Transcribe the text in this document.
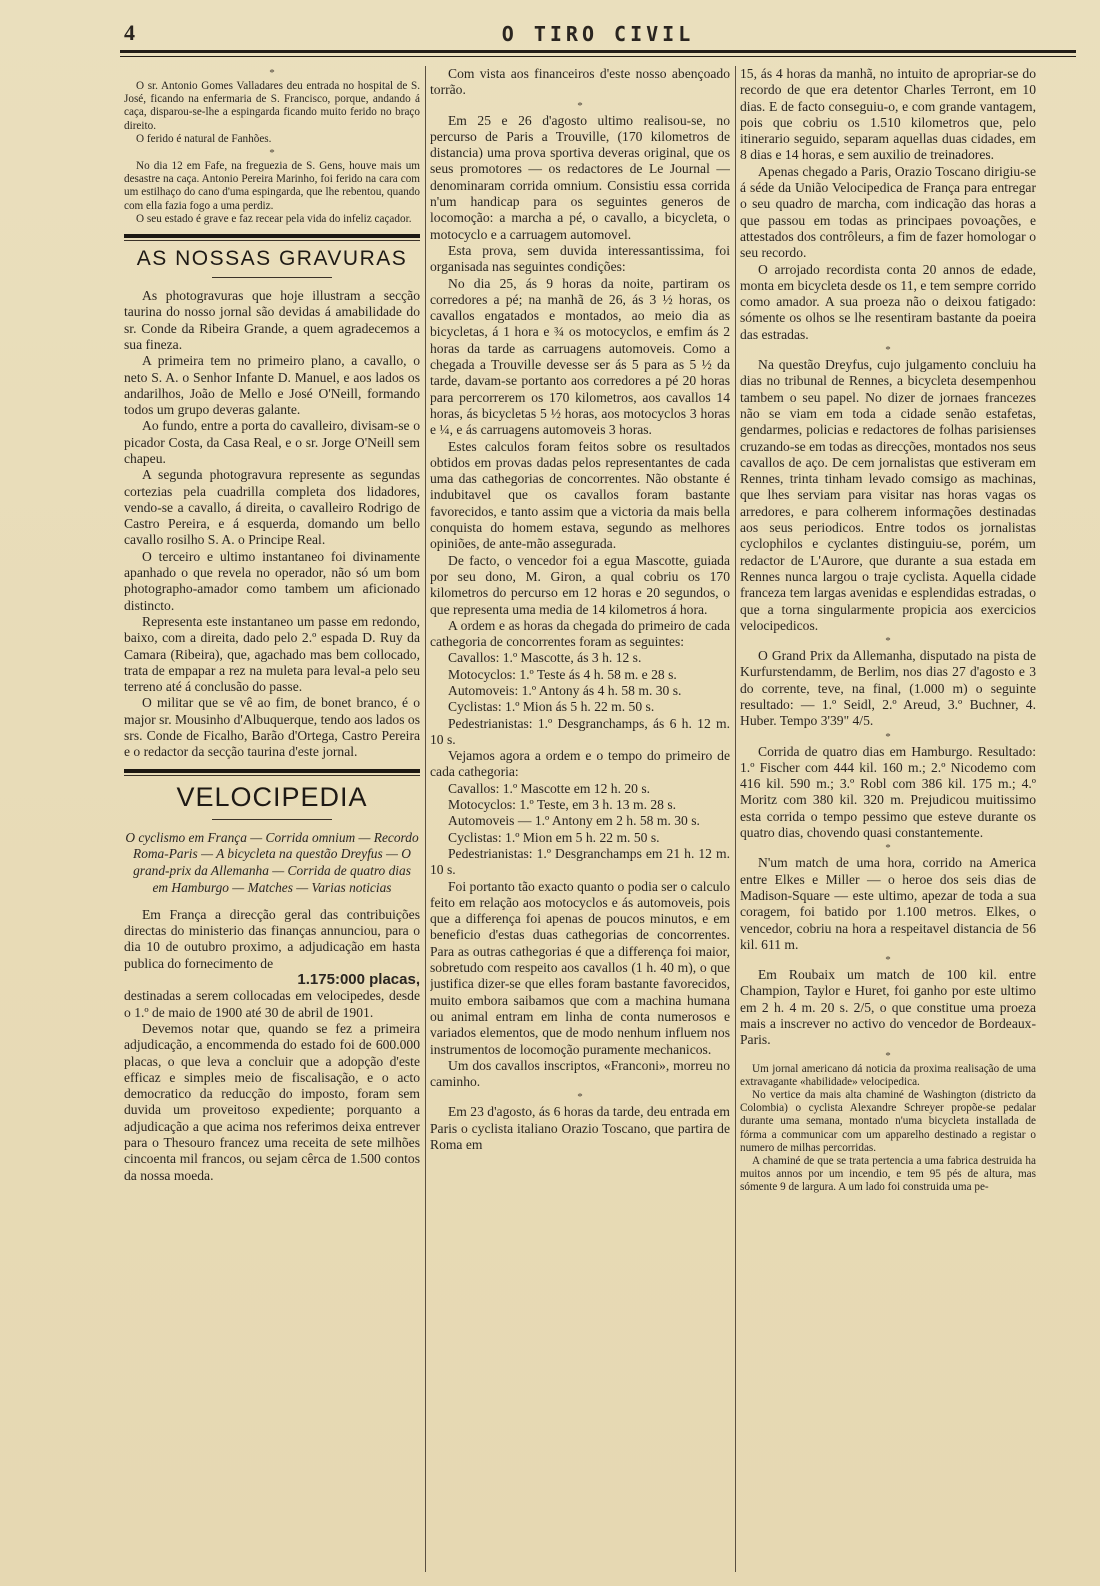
4	O TIRO CIVIL

*

O sr. Antonio Gomes Valladares deu entrada no hospital de S. José, ficando na enfermaria de S. Francisco, porque, andando á caça, disparou-se-lhe a espingarda ficando muito ferido no braço direito.

O ferido é natural de Fanhões.

*

No dia 12 em Fafe, na freguezia de S. Gens, houve mais um desastre na caça. Antonio Pereira Marinho, foi ferido na cara com um estilhaço do cano d'uma espingarda, que lhe rebentou, quando com ella fazia fogo a uma perdiz.

O seu estado é grave e faz recear pela vida do infeliz caçador.

AS NOSSAS GRAVURAS

As photogravuras que hoje illustram a secção taurina do nosso jornal são devidas á amabilidade do sr. Conde da Ribeira Grande, a quem agradecemos a sua fineza.

A primeira tem no primeiro plano, a cavallo, o neto S. A. o Senhor Infante D. Manuel, e aos lados os andarilhos, João de Mello e José O'Neill, formando todos um grupo deveras galante.

Ao fundo, entre a porta do cavalleiro, divisam-se o picador Costa, da Casa Real, e o sr. Jorge O'Neill sem chapeu.

A segunda photogravura represente as segundas cortezias pela cuadrilla completa dos lidadores, vendo-se a cavallo, á direita, o cavalleiro Rodrigo de Castro Pereira, e á esquerda, domando um bello cavallo rosilho S. A. o Principe Real.

O terceiro e ultimo instantaneo foi divinamente apanhado o que revela no operador, não só um bom photographo-amador como tambem um aficionado distincto.

Representa este instantaneo um passe em redondo, baixo, com a direita, dado pelo 2.º espada D. Ruy da Camara (Ribeira), que, agachado mas bem collocado, trata de empapar a rez na muleta para leval-a pelo seu terreno até á conclusão do passe.

O militar que se vê ao fim, de bonet branco, é o major sr. Mousinho d'Albuquerque, tendo aos lados os srs. Conde de Ficalho, Barão d'Ortega, Castro Pereira e o redactor da secção taurina d'este jornal.

VELOCIPEDIA

O cyclismo em França — Corrida omnium — Recordo Roma-Paris — A bicycleta na questão Dreyfus — O grand-prix da Allemanha — Corrida de quatro dias em Hamburgo — Matches — Varias noticias

Em França a direcção geral das contribuições directas do ministerio das finanças annunciou, para o dia 10 de outubro proximo, a adjudicação em hasta publica do fornecimento de

1.175:000 placas,

destinadas a serem collocadas em velocipedes, desde o 1.º de maio de 1900 até 30 de abril de 1901.

Devemos notar que, quando se fez a primeira adjudicação, a encommenda do estado foi de 600.000 placas, o que leva a concluir que a adopção d'este efficaz e simples meio de fiscalisação, e o acto democratico da reducção do imposto, foram sem duvida um proveitoso expediente; porquanto a adjudicação a que acima nos referimos deixa entrever para o Thesouro francez uma receita de sete milhões cincoenta mil francos, ou sejam cêrca de 1.500 contos da nossa moeda.

Com vista aos financeiros d'este nosso abençoado torrão.

*

Em 25 e 26 d'agosto ultimo realisou-se, no percurso de Paris a Trouville, (170 kilometros de distancia) uma prova sportiva deveras original, que os seus promotores — os redactores de Le Journal — denominaram corrida omnium. Consistiu essa corrida n'um handicap para os seguintes generos de locomoção: a marcha a pé, o cavallo, a bicycleta, o motocyclo e a carruagem automovel.

Esta prova, sem duvida interessantissima, foi organisada nas seguintes condições:

No dia 25, ás 9 horas da noite, partiram os corredores a pé; na manhã de 26, ás 3 ½ horas, os cavallos engatados e montados, ao meio dia as bicycletas, á 1 hora e ¾ os motocyclos, e emfim ás 2 horas da tarde as carruagens automoveis. Como a chegada a Trouville devesse ser ás 5 para as 5 ½ da tarde, davam-se portanto aos corredores a pé 20 horas para percorrerem os 170 kilometros, aos cavallos 14 horas, ás bicycletas 5 ½ horas, aos motocyclos 3 horas e ¼, e ás carruagens automoveis 3 horas.

Estes calculos foram feitos sobre os resultados obtidos em provas dadas pelos representantes de cada uma das cathegorias de concorrentes. Não obstante é indubitavel que os cavallos foram bastante favorecidos, e tanto assim que a victoria da mais bella conquista do homem estava, segundo as melhores opiniões, de ante-mão assegurada.

De facto, o vencedor foi a egua Mascotte, guiada por seu dono, M. Giron, a qual cobriu os 170 kilometros do percurso em 12 horas e 20 segundos, o que representa uma media de 14 kilometros á hora.

A ordem e as horas da chegada do primeiro de cada cathegoria de concorrentes foram as seguintes:

Cavallos: 1.º Mascotte, ás 3 h. 12 s.

Motocyclos: 1.º Teste ás 4 h. 58 m. e 28 s.

Automoveis: 1.º Antony ás 4 h. 58 m. 30 s.

Cyclistas: 1.º Mion ás 5 h. 22 m. 50 s.

Pedestrianistas: 1.º Desgranchamps, ás 6 h. 12 m. 10 s.

Vejamos agora a ordem e o tempo do primeiro de cada cathegoria:

Cavallos: 1.º Mascotte em 12 h. 20 s.

Motocyclos: 1.º Teste, em 3 h. 13 m. 28 s.

Automoveis — 1.º Antony em 2 h. 58 m. 30 s.

Cyclistas: 1.º Mion em 5 h. 22 m. 50 s.

Pedestrianistas: 1.º Desgranchamps em 21 h. 12 m. 10 s.

Foi portanto tão exacto quanto o podia ser o calculo feito em relação aos motocyclos e ás automoveis, pois que a differença foi apenas de poucos minutos, e em beneficio d'estas duas cathegorias de concorrentes. Para as outras cathegorias é que a differença foi maior, sobretudo com respeito aos cavallos (1 h. 40 m), o que justifica dizer-se que elles foram bastante favorecidos, muito embora saibamos que com a machina humana ou animal entram em linha de conta numerosos e variados elementos, que de modo nenhum influem nos instrumentos de locomoção puramente mechanicos.

Um dos cavallos inscriptos, «Franconi», morreu no caminho.

*

Em 23 d'agosto, ás 6 horas da tarde, deu entrada em Paris o cyclista italiano Orazio Toscano, que partira de Roma em

15, ás 4 horas da manhã, no intuito de apropriar-se do recordo de que era detentor Charles Terront, em 10 dias. E de facto conseguiu-o, e com grande vantagem, pois que cobriu os 1.510 kilometros que, pelo itinerario seguido, separam aquellas duas cidades, em 8 dias e 14 horas, e sem auxilio de treinadores.

Apenas chegado a Paris, Orazio Toscano dirigiu-se á séde da União Velocipedica de França para entregar o seu quadro de marcha, com indicação das horas a que passou em todas as principaes povoações, e attestados dos contrôleurs, a fim de fazer homologar o seu recordo.

O arrojado recordista conta 20 annos de edade, monta em bicycleta desde os 11, e tem sempre corrido como amador. A sua proeza não o deixou fatigado: sómente os olhos se lhe resentiram bastante da poeira das estradas.

*

Na questão Dreyfus, cujo julgamento concluiu ha dias no tribunal de Rennes, a bicycleta desempenhou tambem o seu papel. No dizer de jornaes francezes não se viam em toda a cidade senão estafetas, gendarmes, policias e redactores de folhas parisienses cruzando-se em todas as direcções, montados nos seus cavallos de aço. De cem jornalistas que estiveram em Rennes, trinta tinham levado comsigo as machinas, que lhes serviam para visitar nas horas vagas os arredores, e para colherem informações destinadas aos seus periodicos. Entre todos os jornalistas cyclophilos e cyclantes distinguiu-se, porém, um redactor de L'Aurore, que durante a sua estada em Rennes nunca largou o traje cyclista. Aquella cidade franceza tem largas avenidas e esplendidas estradas, o que a torna singularmente propicia aos exercicios velocipedicos.

*

O Grand Prix da Allemanha, disputado na pista de Kurfurstendamm, de Berlim, nos dias 27 d'agosto e 3 do corrente, teve, na final, (1.000 m) o seguinte resultado: — 1.º Seidl, 2.º Areud, 3.º Buchner, 4. Huber. Tempo 3'39" 4/5.

*

Corrida de quatro dias em Hamburgo. Resultado: 1.º Fischer com 444 kil. 160 m.; 2.º Nicodemo com 416 kil. 590 m.; 3.º Robl com 386 kil. 175 m.; 4.º Moritz com 380 kil. 320 m. Prejudicou muitissimo esta corrida o tempo pessimo que esteve durante os quatro dias, chovendo quasi constantemente.

*

N'um match de uma hora, corrido na America entre Elkes e Miller — o heroe dos seis dias de Madison-Square — este ultimo, apezar de toda a sua coragem, foi batido por 1.100 metros. Elkes, o vencedor, cobriu na hora a respeitavel distancia de 56 kil. 611 m.

*

Em Roubaix um match de 100 kil. entre Champion, Taylor e Huret, foi ganho por este ultimo em 2 h. 4 m. 20 s. 2/5, o que constitue uma proeza mais a inscrever no activo do vencedor de Bordeaux-Paris.

*

Um jornal americano dá noticia da proxima realisação de uma extravagante «habilidade» velocipedica.

No vertice da mais alta chaminé de Washington (districto da Colombia) o cyclista Alexandre Schreyer propõe-se pedalar durante uma semana, montado n'uma bicycleta installada de fórma a communicar com um apparelho destinado a registar o numero de milhas percorridas.

A chaminé de que se trata pertencia a uma fabrica destruida ha muitos annos por um incendio, e tem 95 pés de altura, mas sómente 9 de largura. A um lado foi construida uma pe-
